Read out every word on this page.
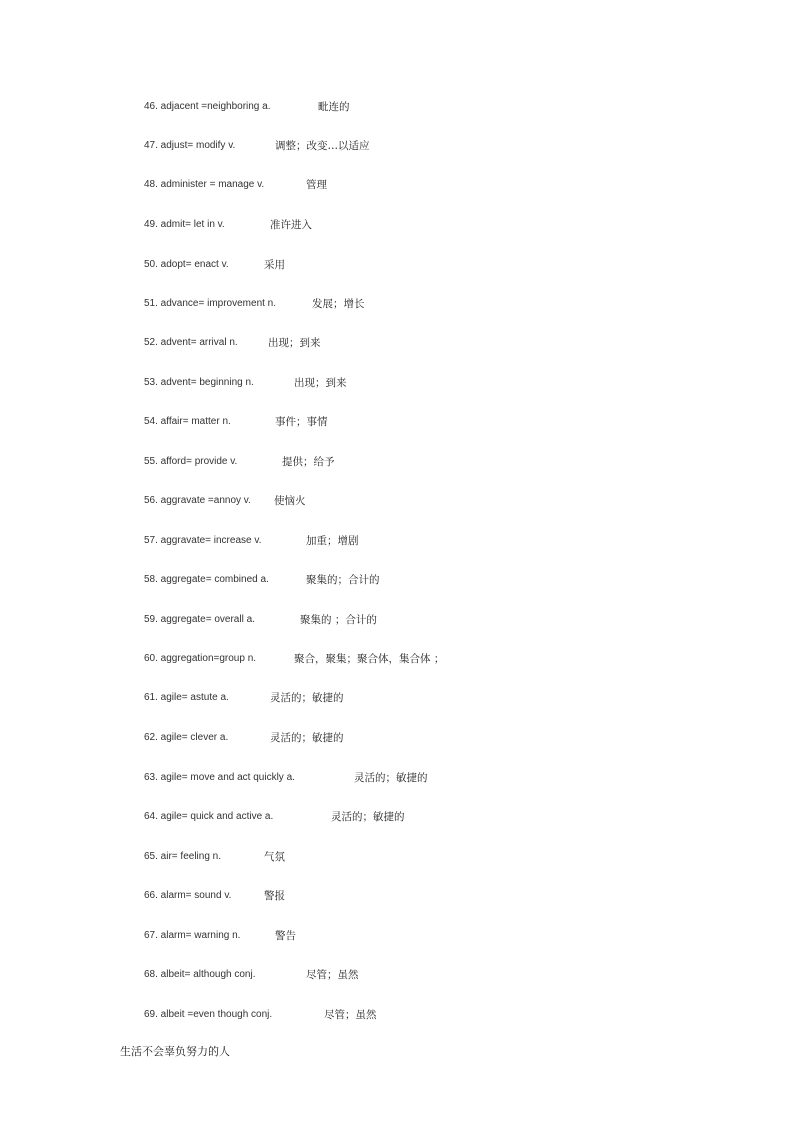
46. adjacent =neighboring a.	毗连的
47. adjust= modify v.	调整；改变…以适应
48. administer = manage v.	管理
49. admit= let in v.	准许进入
50. adopt= enact v.	采用
51. advance= improvement n.	发展；增长
52. advent= arrival n.	出现；到来
53. advent= beginning n.	出现；到来
54. affair= matter n.	事件；事情
55. afford= provide v.	提供；给予
56. aggravate =annoy v. 使恼火
57. aggravate= increase v.	加重；增剧
58. aggregate= combined a.	聚集的；合计的
59. aggregate= overall a.	聚集的 ；合计的
60. aggregation=group n.	聚合，聚集；聚合体，集合体 ；
61. agile= astute a.	灵活的；敏捷的
62. agile= clever a.	灵活的；敏捷的
63. agile= move and act quickly a.	灵活的；敏捷的
64. agile= quick and active a.	灵活的；敏捷的
65. air= feeling n.	气氛
66. alarm= sound v.	警报
67. alarm= warning n.	警告
68. albeit= although conj.	尽管；虽然
69. albeit =even though conj.	尽管；虽然
生活不会辜负努力的人
